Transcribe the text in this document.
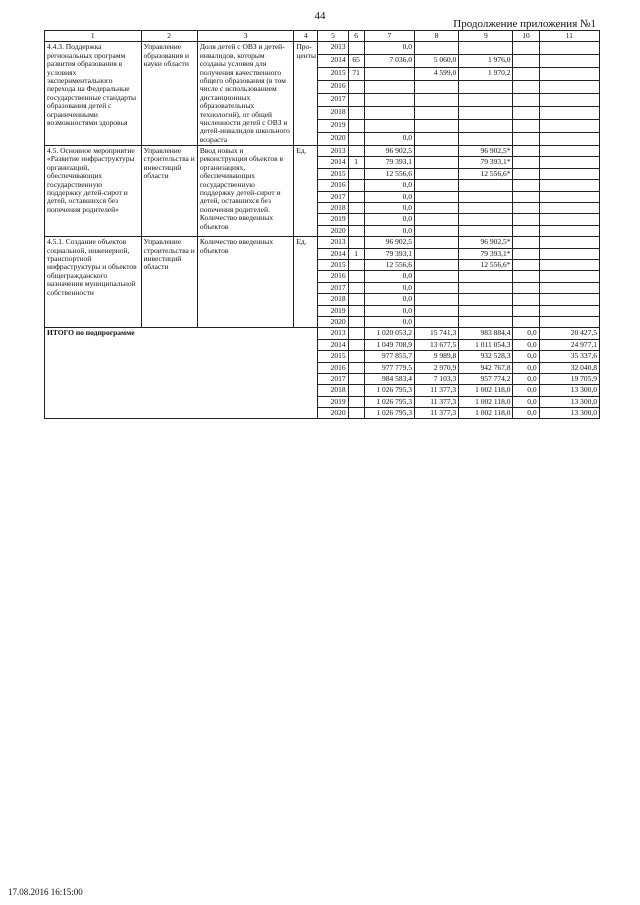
44
Продолжение приложения №1
1	2	3	4	5	6	7	8	9	10	11
4.4.3. Поддержка региональных программ развития образования в условиях экспериментального перехода на Федеральные государственные стандарты образования детей с ограниченными возможностями здоровья	Управление образования и науки области	Доля детей с ОВЗ и детей-инвалидов, которым созданы условия для получения качественного общего образования (в том числе с использованием дистанционных образовательных технологий), от общей численности детей с ОВЗ и детей-инвалидов школьного возраста	Про-центы	2013		0,0				
				2014	65	7 036,0	5 060,0	1 976,0		
				2015	71		4 599,0	1 970,2		
				2016						
				2017						
				2018						
				2019						
				2020		0,0				
4.5. Основное мероприятие «Развитие инфраструктуры организаций, обеспечивающих государственную поддержку детей-сирот и детей, оставшихся без попечения родителей»	Управление строительства и инвестиций области	Ввод новых и реконструкция объектов в организациях, обеспечивающих государственную поддержку детей-сирот и детей, оставшихся без попечения родителей. Количество введенных объектов	Ед.	2013		96 902,5		96 902,5*		
				2014	1	79 393,1		79 393,1*		
				2015		12 556,6		12 556,6*		
				2016		0,0				
				2017		0,0				
				2018		0,0				
				2019		0,0				
				2020		0,0				
4.5.1. Создание объектов социальной, инженерной, транспортной инфраструктуры и объектов общегражданского назначения муниципальной собственности	Управление строительства и инвестиций области	Количество введенных объектов	Ед.	2013		96 902,5		96 902,5*		
				2014	1	79 393,1		79 393,1*		
				2015		12 556,6		12 556,6*		
				2016		0,0				
				2017		0,0				
				2018		0,0				
				2019		0,0				
				2020		0,0				
ИТОГО по подпрограмме				2013		1 020 053,2	15 741,3	983 884,4	0,0	20 427,5
				2014		1 049 708,9	13 677,5	1 011 054,3	0,0	24 977,1
				2015		977 855,7	9 989,8	932 528,3	0,0	35 337,6
				2016		977 779,5	2 970,9	942 767,8	0,0	32 040,8
				2017		984 583,4	7 103,3	957 774,2	0,0	19 705,9
				2018		1 026 795,3	11 377,3	1 002 118,0	0,0	13 300,0
				2019		1 026 795,3	11 377,3	1 002 118,0	0,0	13 300,0
				2020		1 026 795,3	11 377,3	1 002 118,0	0,0	13 300,0
17.08.2016 16:15:00
